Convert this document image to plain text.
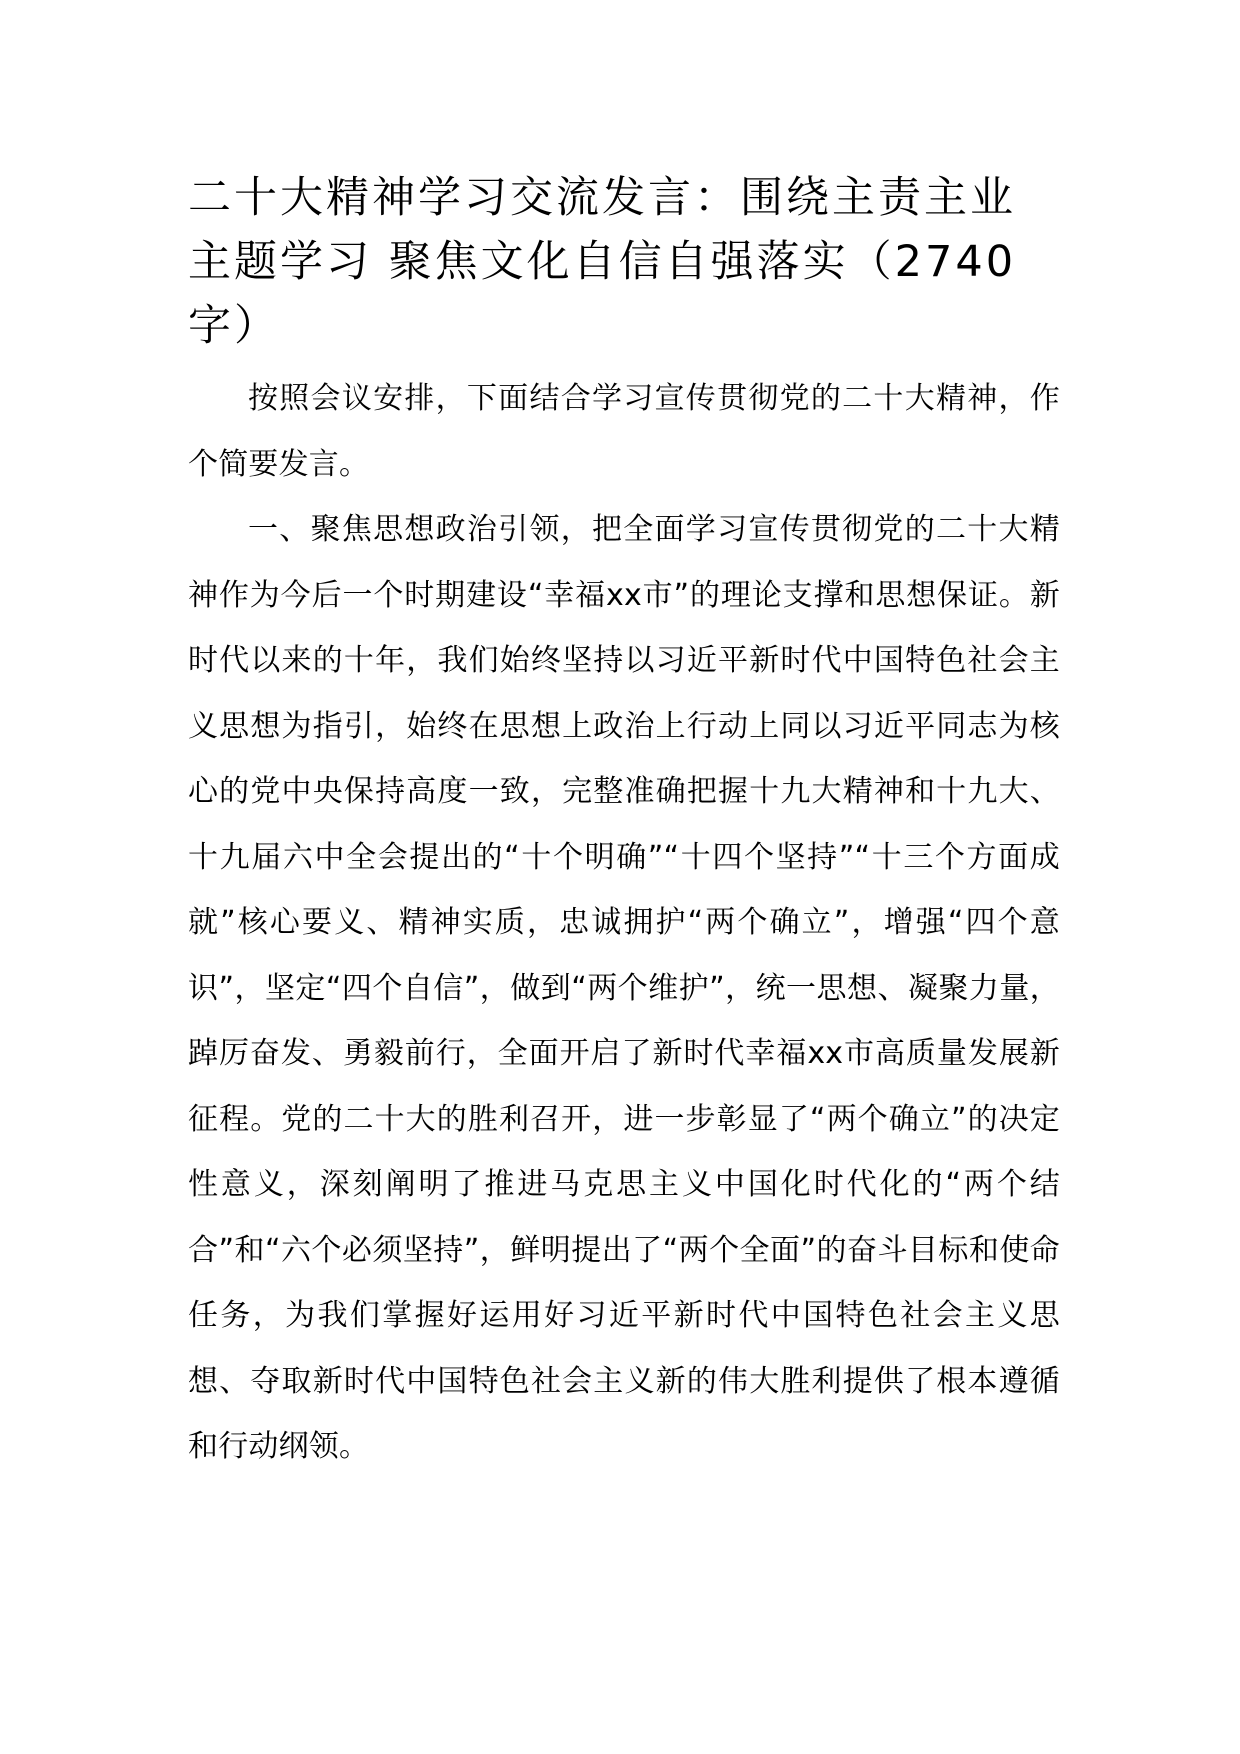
二十大精神学习交流发言：围绕主责主业主题学习 聚焦文化自信自强落实（2740字）

按照会议安排，下面结合学习宣传贯彻党的二十大精神，作个简要发言。

一、聚焦思想政治引领，把全面学习宣传贯彻党的二十大精神作为今后一个时期建设“幸福xx市”的理论支撑和思想保证。新时代以来的十年，我们始终坚持以习近平新时代中国特色社会主义思想为指引，始终在思想上政治上行动上同以习近平同志为核心的党中央保持高度一致，完整准确把握十九大精神和十九大、十九届六中全会提出的“十个明确”“十四个坚持”“十三个方面成就”核心要义、精神实质，忠诚拥护“两个确立”，增强“四个意识”，坚定“四个自信”，做到“两个维护”，统一思想、凝聚力量，踔厉奋发、勇毅前行，全面开启了新时代幸福xx市高质量发展新征程。党的二十大的胜利召开，进一步彰显了“两个确立”的决定性意义，深刻阐明了推进马克思主义中国化时代化的“两个结合”和“六个必须坚持”，鲜明提出了“两个全面”的奋斗目标和使命任务，为我们掌握好运用好习近平新时代中国特色社会主义思想、夺取新时代中国特色社会主义新的伟大胜利提供了根本遵循和行动纲领。
